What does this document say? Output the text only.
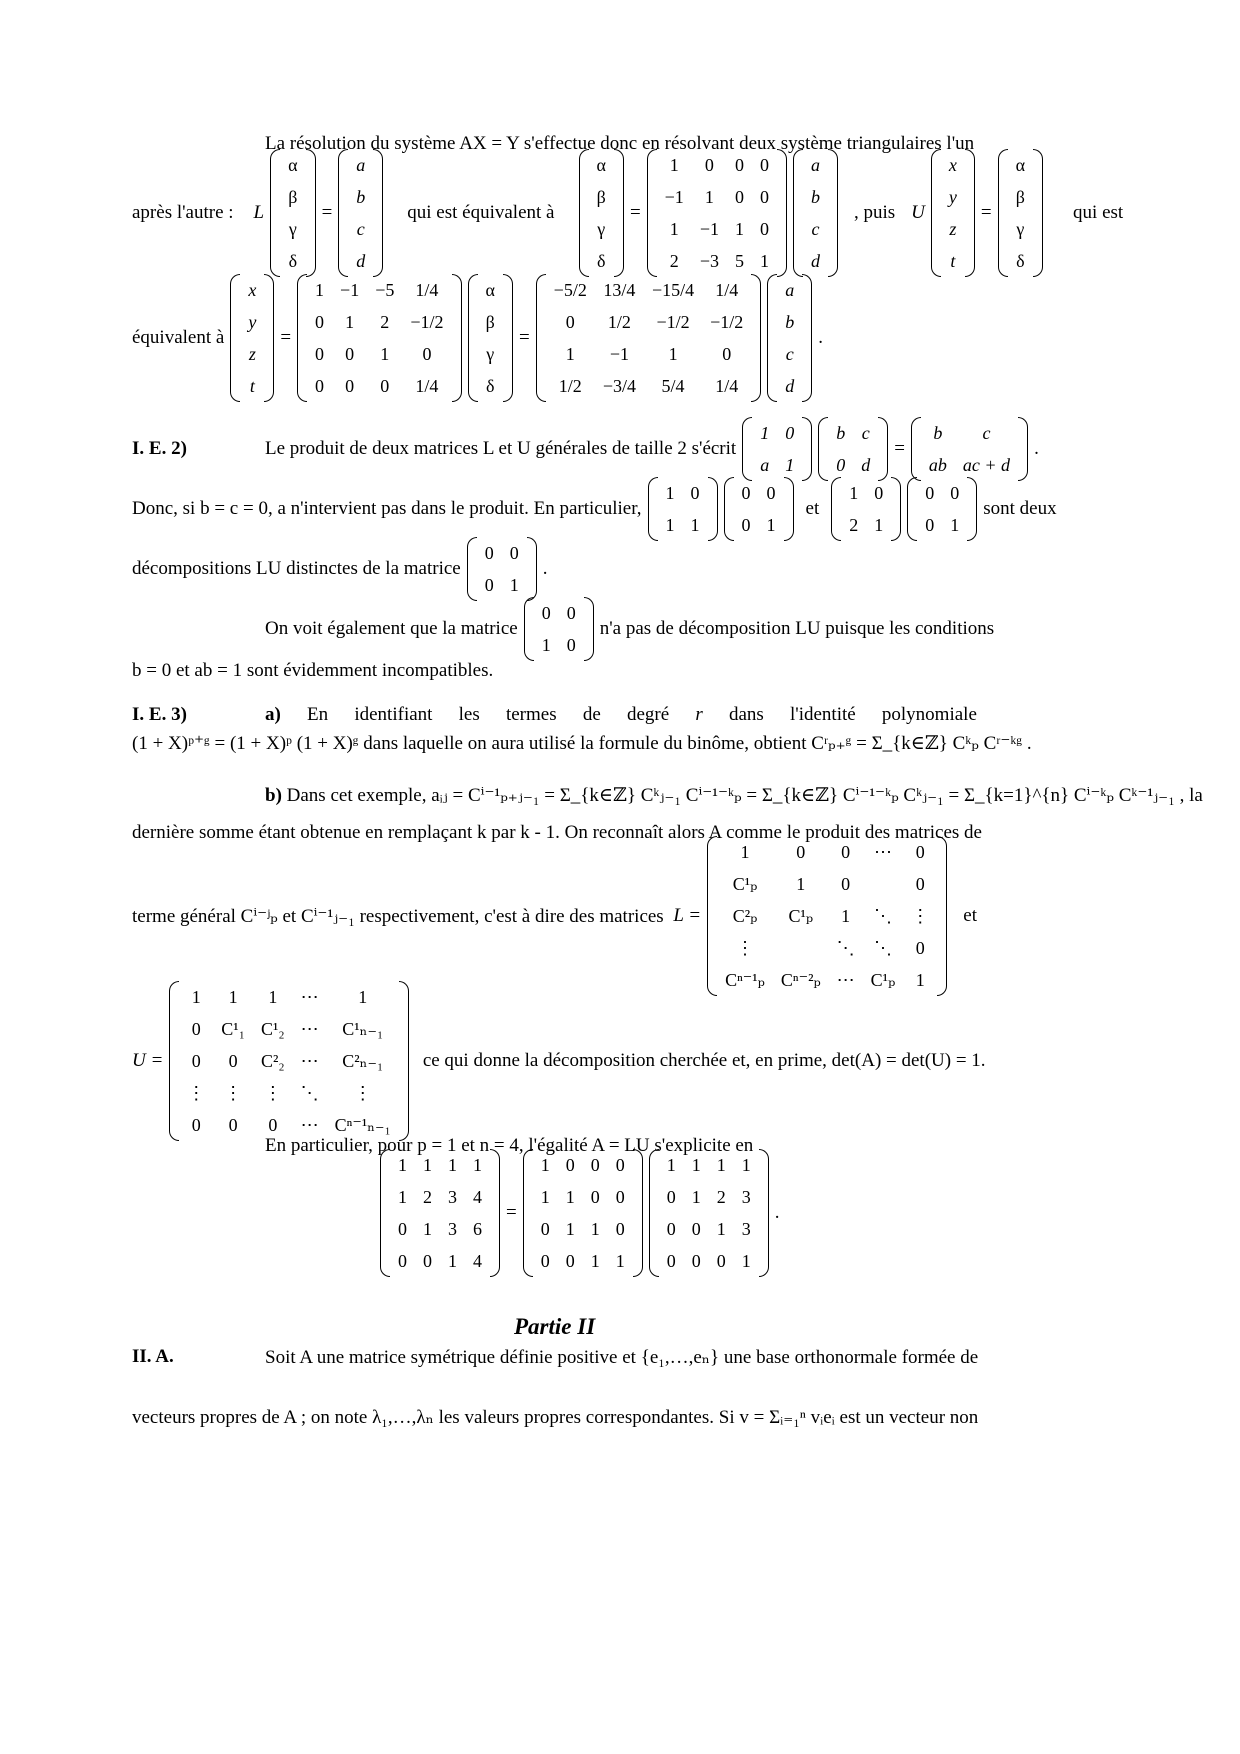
La résolution du système AX = Y s'effectue donc en résolvant deux système triangulaires l'un
après l'autre : L
α
β
γ
δ
=
a
b
c
d
qui est équivalent à
α
β
γ
δ
=
1	0	0	0
−1	1	0	0
1	−1	1	0
2	−3	5	1
a
b
c
d
, puis U
x
y
z
t
=
α
β
γ
δ
qui est
équivalent à
x
y
z
t
=
1	−1	−5	1/4
0	1	2	−1/2
0	0	1	0
0	0	0	1/4
α
β
γ
δ
=
−5/2	13/4	−15/4	1/4
0	1/2	−1/2	−1/2
1	−1	1	0
1/2	−3/4	5/4	1/4
a
b
c
d
.
I. E. 2)	Le produit de deux matrices L et U générales de taille 2 s'écrit
1	0
a	1
b	c
0	d
=
b	c
ab	ac + d
.
Donc, si b = c = 0, a n'intervient pas dans le produit. En particulier,
1	0
1	1
0	0
0	1
et
1	0
2	1
0	0
0	1
sont deux
décompositions LU distinctes de la matrice
0	0
0	1
.
On voit également que la matrice
0	0
1	0
n'a pas de décomposition LU puisque les conditions
b = 0 et ab = 1 sont évidemment incompatibles.
I. E. 3)	a) En identifiant les termes de degré r dans l'identité polynomiale
(1 + X)ᵖ⁺ᵍ = (1 + X)ᵖ (1 + X)ᵍ dans laquelle on aura utilisé la formule du binôme, obtient Cʳₚ₊ᵍ = Σ_{k∈ℤ} Cᵏₚ Cʳ⁻ᵏᵍ .
b) Dans cet exemple, aᵢⱼ = Cⁱ⁻¹ₚ₊ⱼ₋₁ = Σ_{k∈ℤ} Cᵏⱼ₋₁ Cⁱ⁻¹⁻ᵏₚ = Σ_{k∈ℤ} Cⁱ⁻¹⁻ᵏₚ Cᵏⱼ₋₁ = Σ_{k=1}^{n} Cⁱ⁻ᵏₚ Cᵏ⁻¹ⱼ₋₁ , la
dernière somme étant obtenue en remplaçant k par k - 1. On reconnaît alors A comme le produit des matrices de
terme général Cⁱ⁻ʲₚ et Cⁱ⁻¹ⱼ₋₁ respectivement, c'est à dire des matrices L =
1	0	0	⋯	0
C¹ₚ	1	0		0
C²ₚ	C¹ₚ	1	⋱	⋮
⋮		⋱	⋱	0
Cⁿ⁻¹ₚ	Cⁿ⁻²ₚ	⋯	C¹ₚ	1
et
U =
1	1	1	⋯	1
0	C¹₁	C¹₂	⋯	C¹ₙ₋₁
0	0	C²₂	⋯	C²ₙ₋₁
⋮	⋮	⋮	⋱	⋮
0	0	0	⋯	Cⁿ⁻¹ₙ₋₁
ce qui donne la décomposition cherchée et, en prime, det(A) = det(U) = 1.
En particulier, pour p = 1 et n = 4, l'égalité A = LU s'explicite en
1	1	1	1
1	2	3	4
0	1	3	6
0	0	1	4
=
1	0	0	0
1	1	0	0
0	1	1	0
0	0	1	1
1	1	1	1
0	1	2	3
0	0	1	3
0	0	0	1
.
Partie II
II. A.	Soit A une matrice symétrique définie positive et {e₁,…,eₙ} une base orthonormale formée de
vecteurs propres de A ; on note λ₁,…,λₙ les valeurs propres correspondantes. Si v = Σᵢ₌₁ⁿ vᵢeᵢ est un vecteur non
